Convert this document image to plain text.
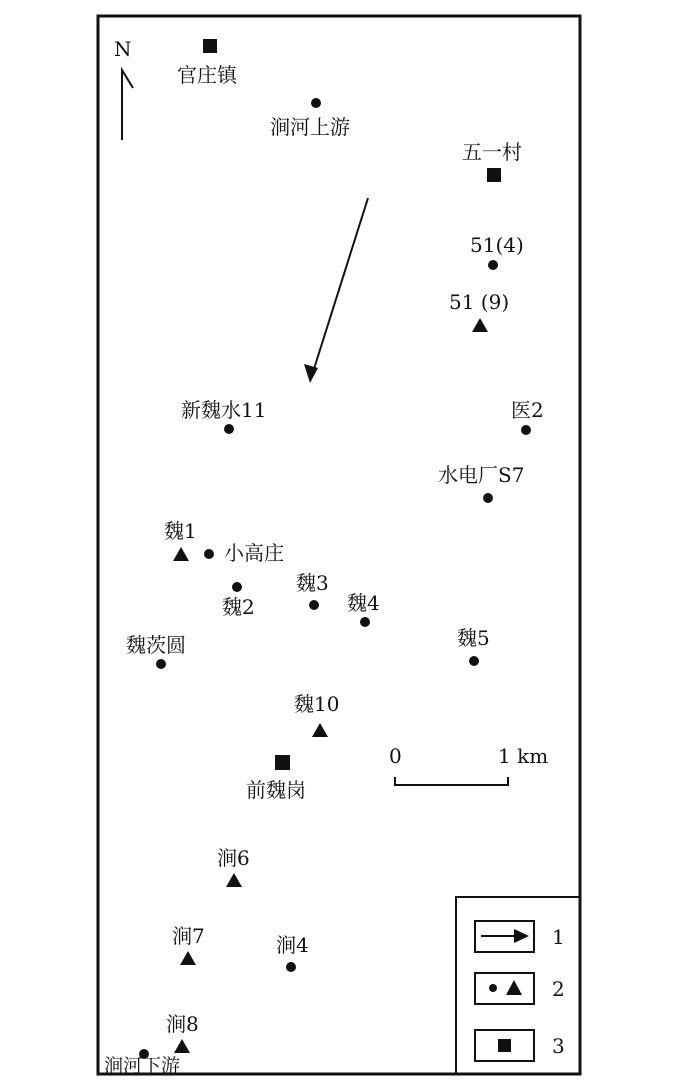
N
官庄镇
涧河上游
五一村
51(4)
51 (9)
新魏水11	医2
水电厂S7
魏1
小高庄
魏2
魏3
魏4
魏茨圆	魏5
魏10
前魏岗
涧6
涧7	涧4
涧8
涧河下游
0	1 km
1
2
3
